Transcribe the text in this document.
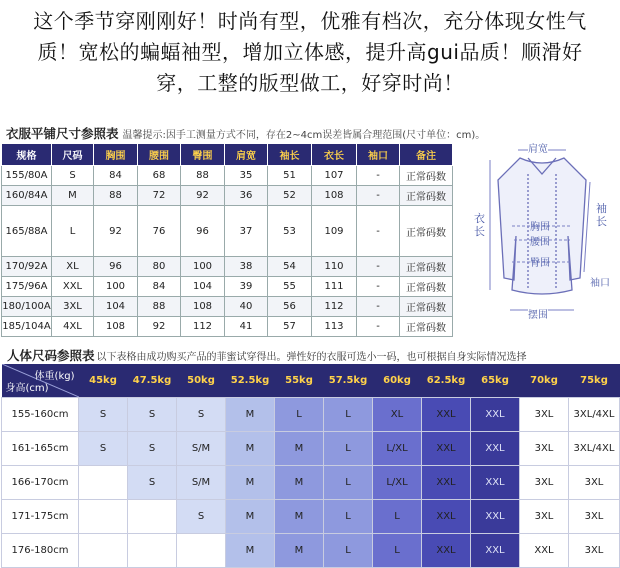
这个季节穿刚刚好！时尚有型，优雅有档次，充分体现女性气
质！宽松的蝙蝠袖型，增加立体感，提升高gui品质！顺滑好
穿，工整的版型做工，好穿时尚！
衣服平铺尺寸参照表 温馨提示:因手工测量方式不同，存在2~4cm误差皆属合理范围(尺寸单位：cm)。
规格	尺码	胸围	腰围	臀围	肩宽	袖长	衣长	袖口	备注
155/80A	S	84	68	88	35	51	107	-	正常码数
160/84A	M	88	72	92	36	52	108	-	正常码数
165/88A	L	92	76	96	37	53	109	-	正常码数
170/92A	XL	96	80	100	38	54	110	-	正常码数
175/96A	XXL	100	84	104	39	55	111	-	正常码数
180/100A	3XL	104	88	108	40	56	112	-	正常码数
185/104A	4XL	108	92	112	41	57	113	-	正常码数
肩宽
胸围
腰围
臀围
摆围
袖口
袖长
衣长
人体尺码参照表 以下表格由成功购买产品的菲蜜试穿得出。弹性好的衣服可选小一码，也可根据自身实际情况选择
体重(kg)
身高(cm)	45kg	47.5kg	50kg	52.5kg	55kg	57.5kg	60kg	62.5kg	65kg	70kg	75kg
155-160cm	S	S	S	M	L	L	XL	XXL	XXL	3XL	3XL/4XL
161-165cm	S	S	S/M	M	M	L	L/XL	XXL	XXL	3XL	3XL/4XL
166-170cm		S	S/M	M	M	L	L/XL	XXL	XXL	3XL	3XL
171-175cm			S	M	M	L	L	XXL	XXL	3XL	3XL
176-180cm				M	M	L	L	XXL	XXL	XXL	3XL
